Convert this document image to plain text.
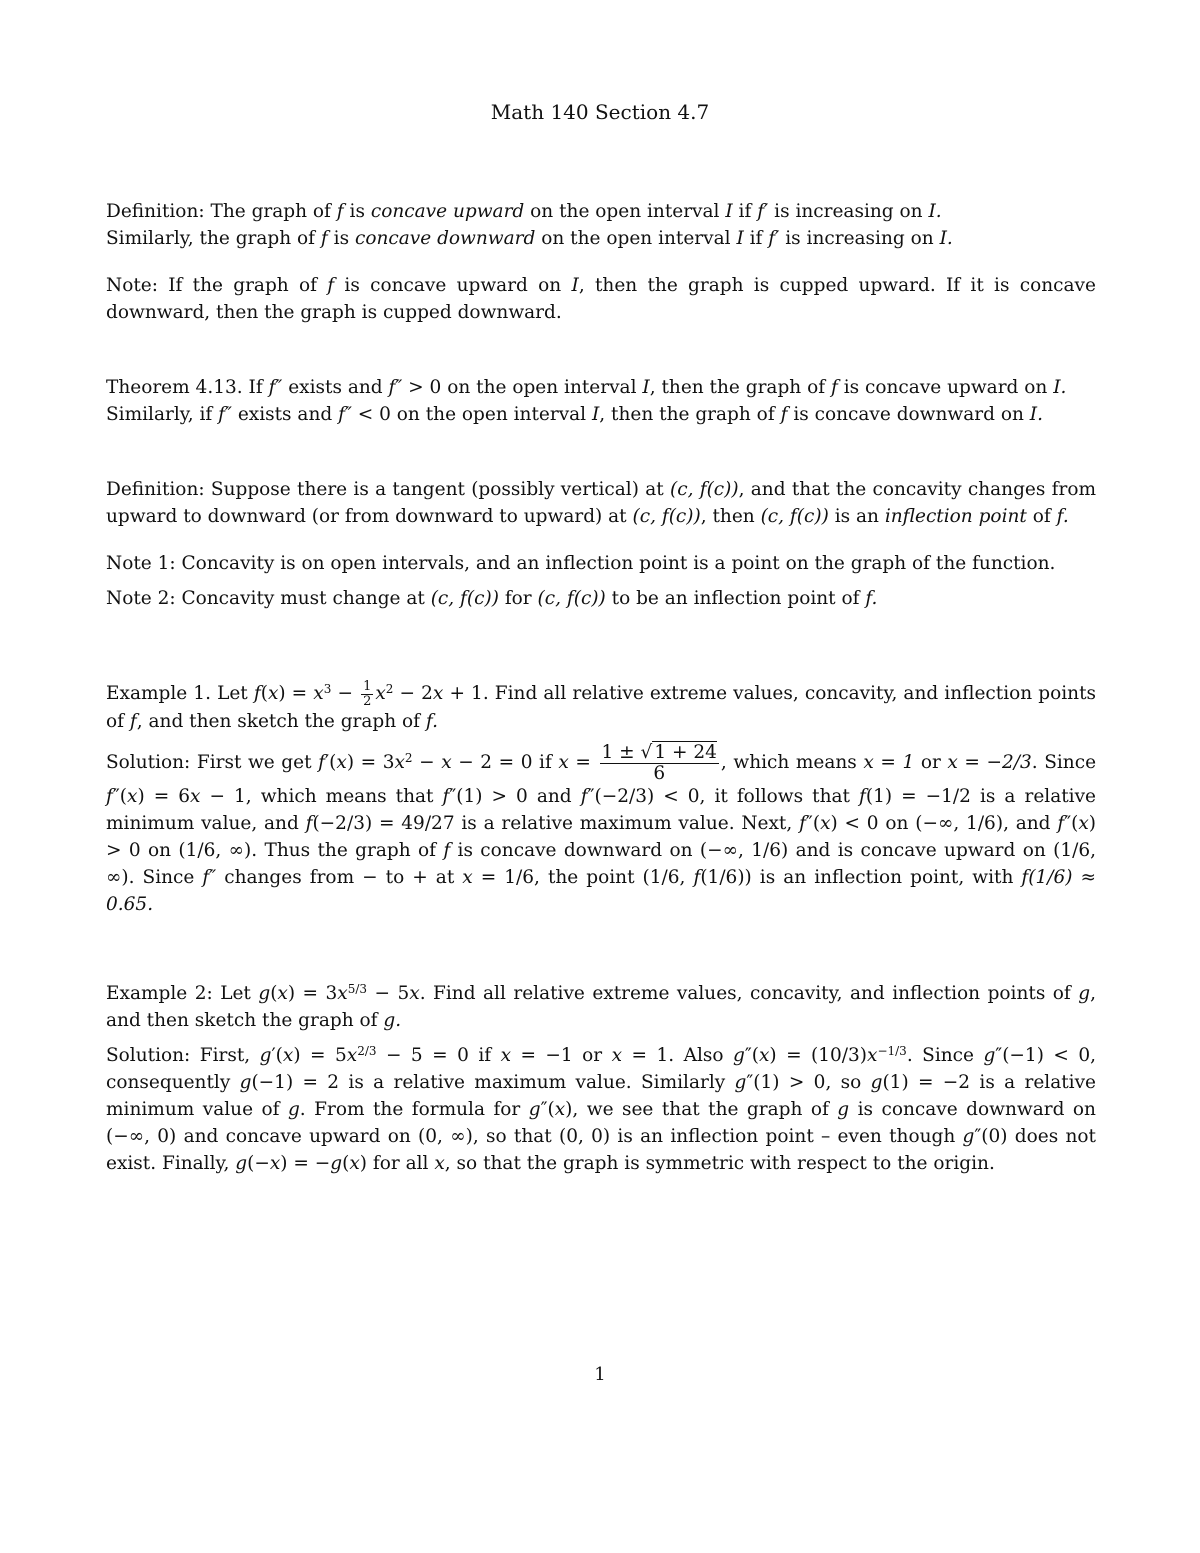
Math 140 Section 4.7

Definition: The graph of f is concave upward on the open interval I if f′ is increasing on I.
Similarly, the graph of f is concave downward on the open interval I if f′ is increasing on I.

Note: If the graph of f is concave upward on I, then the graph is cupped upward. If it is concave downward, then the graph is cupped downward.

Theorem 4.13. If f″ exists and f″ > 0 on the open interval I, then the graph of f is concave upward on I.
Similarly, if f″ exists and f″ < 0 on the open interval I, then the graph of f is concave downward on I.

Definition: Suppose there is a tangent (possibly vertical) at (c, f(c)), and that the concavity changes from upward to downward (or from downward to upward) at (c, f(c)), then (c, f(c)) is an inflection point of f.

Note 1: Concavity is on open intervals, and an inflection point is a point on the graph of the function.

Note 2: Concavity must change at (c, f(c)) for (c, f(c)) to be an inflection point of f.

Example 1. Let $f(x) = x^3 - \frac{1}{2} x^2 - 2x + 1$. Find all relative extreme values, concavity, and inflection points of f, and then sketch the graph of f.

Solution: First we get $f'(x) = 3x^2 - x - 2 = 0$ if $x = \frac{1 \pm √ 1 + 24}{6}$ , which means x = 1 or x = −2/3. Since f″(x) = 6x − 1, which means that f″(1) > 0 and f″(−2/3) < 0, it follows that f(1) = −1/2 is a relative minimum value, and f(−2/3) = 49/27 is a relative maximum value. Next, f″(x) < 0 on (−∞, 1/6), and f″(x) > 0 on (1/6, ∞). Thus the graph of f is concave downward on (−∞, 1/6) and is concave upward on (1/6, ∞). Since f″ changes from − to + at x = 1/6, the point (1/6, f(1/6)) is an inflection point, with f(1/6) ≈ 0.65.

Example 2: Let $g(x) = 3x^{5/3} - 5x$. Find all relative extreme values, concavity, and inflection points of g, and then sketch the graph of g.

Solution: First, $g'(x) = 5x^{2/3} - 5 = 0$ if x = −1 or x = 1. Also $g''(x) = (10/3)x^{-1/3}$. Since g″(−1) < 0, consequently g(−1) = 2 is a relative maximum value. Similarly g″(1) > 0, so g(1) = −2 is a relative minimum value of g. From the formula for g″(x), we see that the graph of g is concave downward on (−∞, 0) and concave upward on (0, ∞), so that (0, 0) is an inflection point – even though g″(0) does not exist. Finally, g(−x) = −g(x) for all x, so that the graph is symmetric with respect to the origin.

1
